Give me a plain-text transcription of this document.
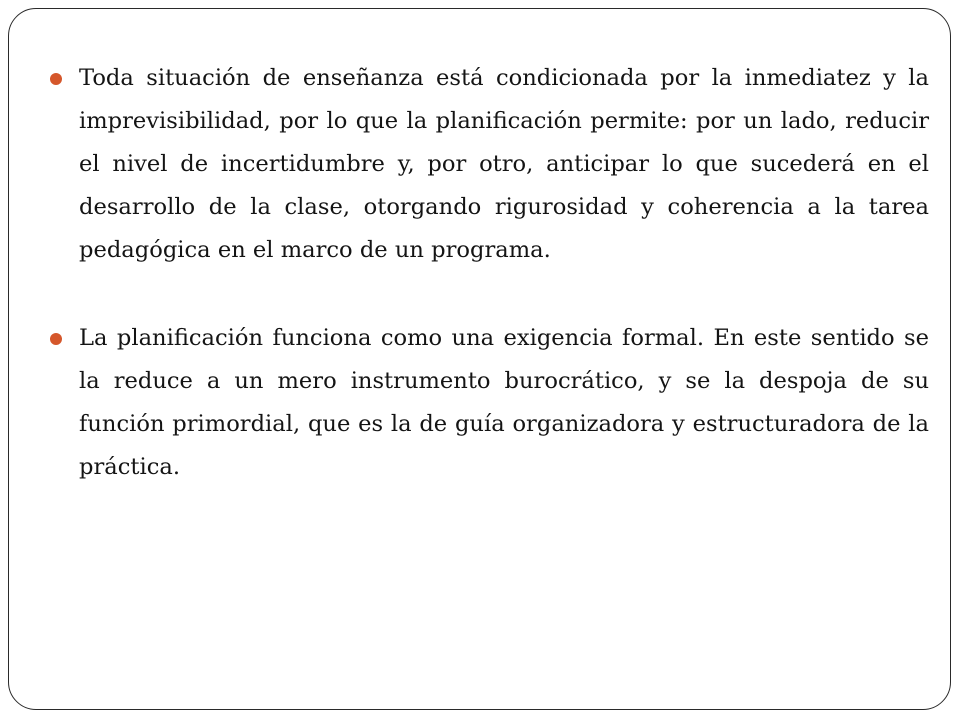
Toda situación de enseñanza está condicionada por la inmediatez y la imprevisibilidad, por lo que la planificación permite: por un lado, reducir el nivel de incertidumbre y, por otro, anticipar lo que sucederá en el desarrollo de la clase, otorgando rigurosidad y coherencia a la tarea pedagógica en el marco de un programa.
La planificación funciona como una exigencia formal. En este sentido se la reduce a un mero instrumento burocrático, y se la despoja de su función primordial, que es la de guía organizadora y estructuradora de la práctica.
